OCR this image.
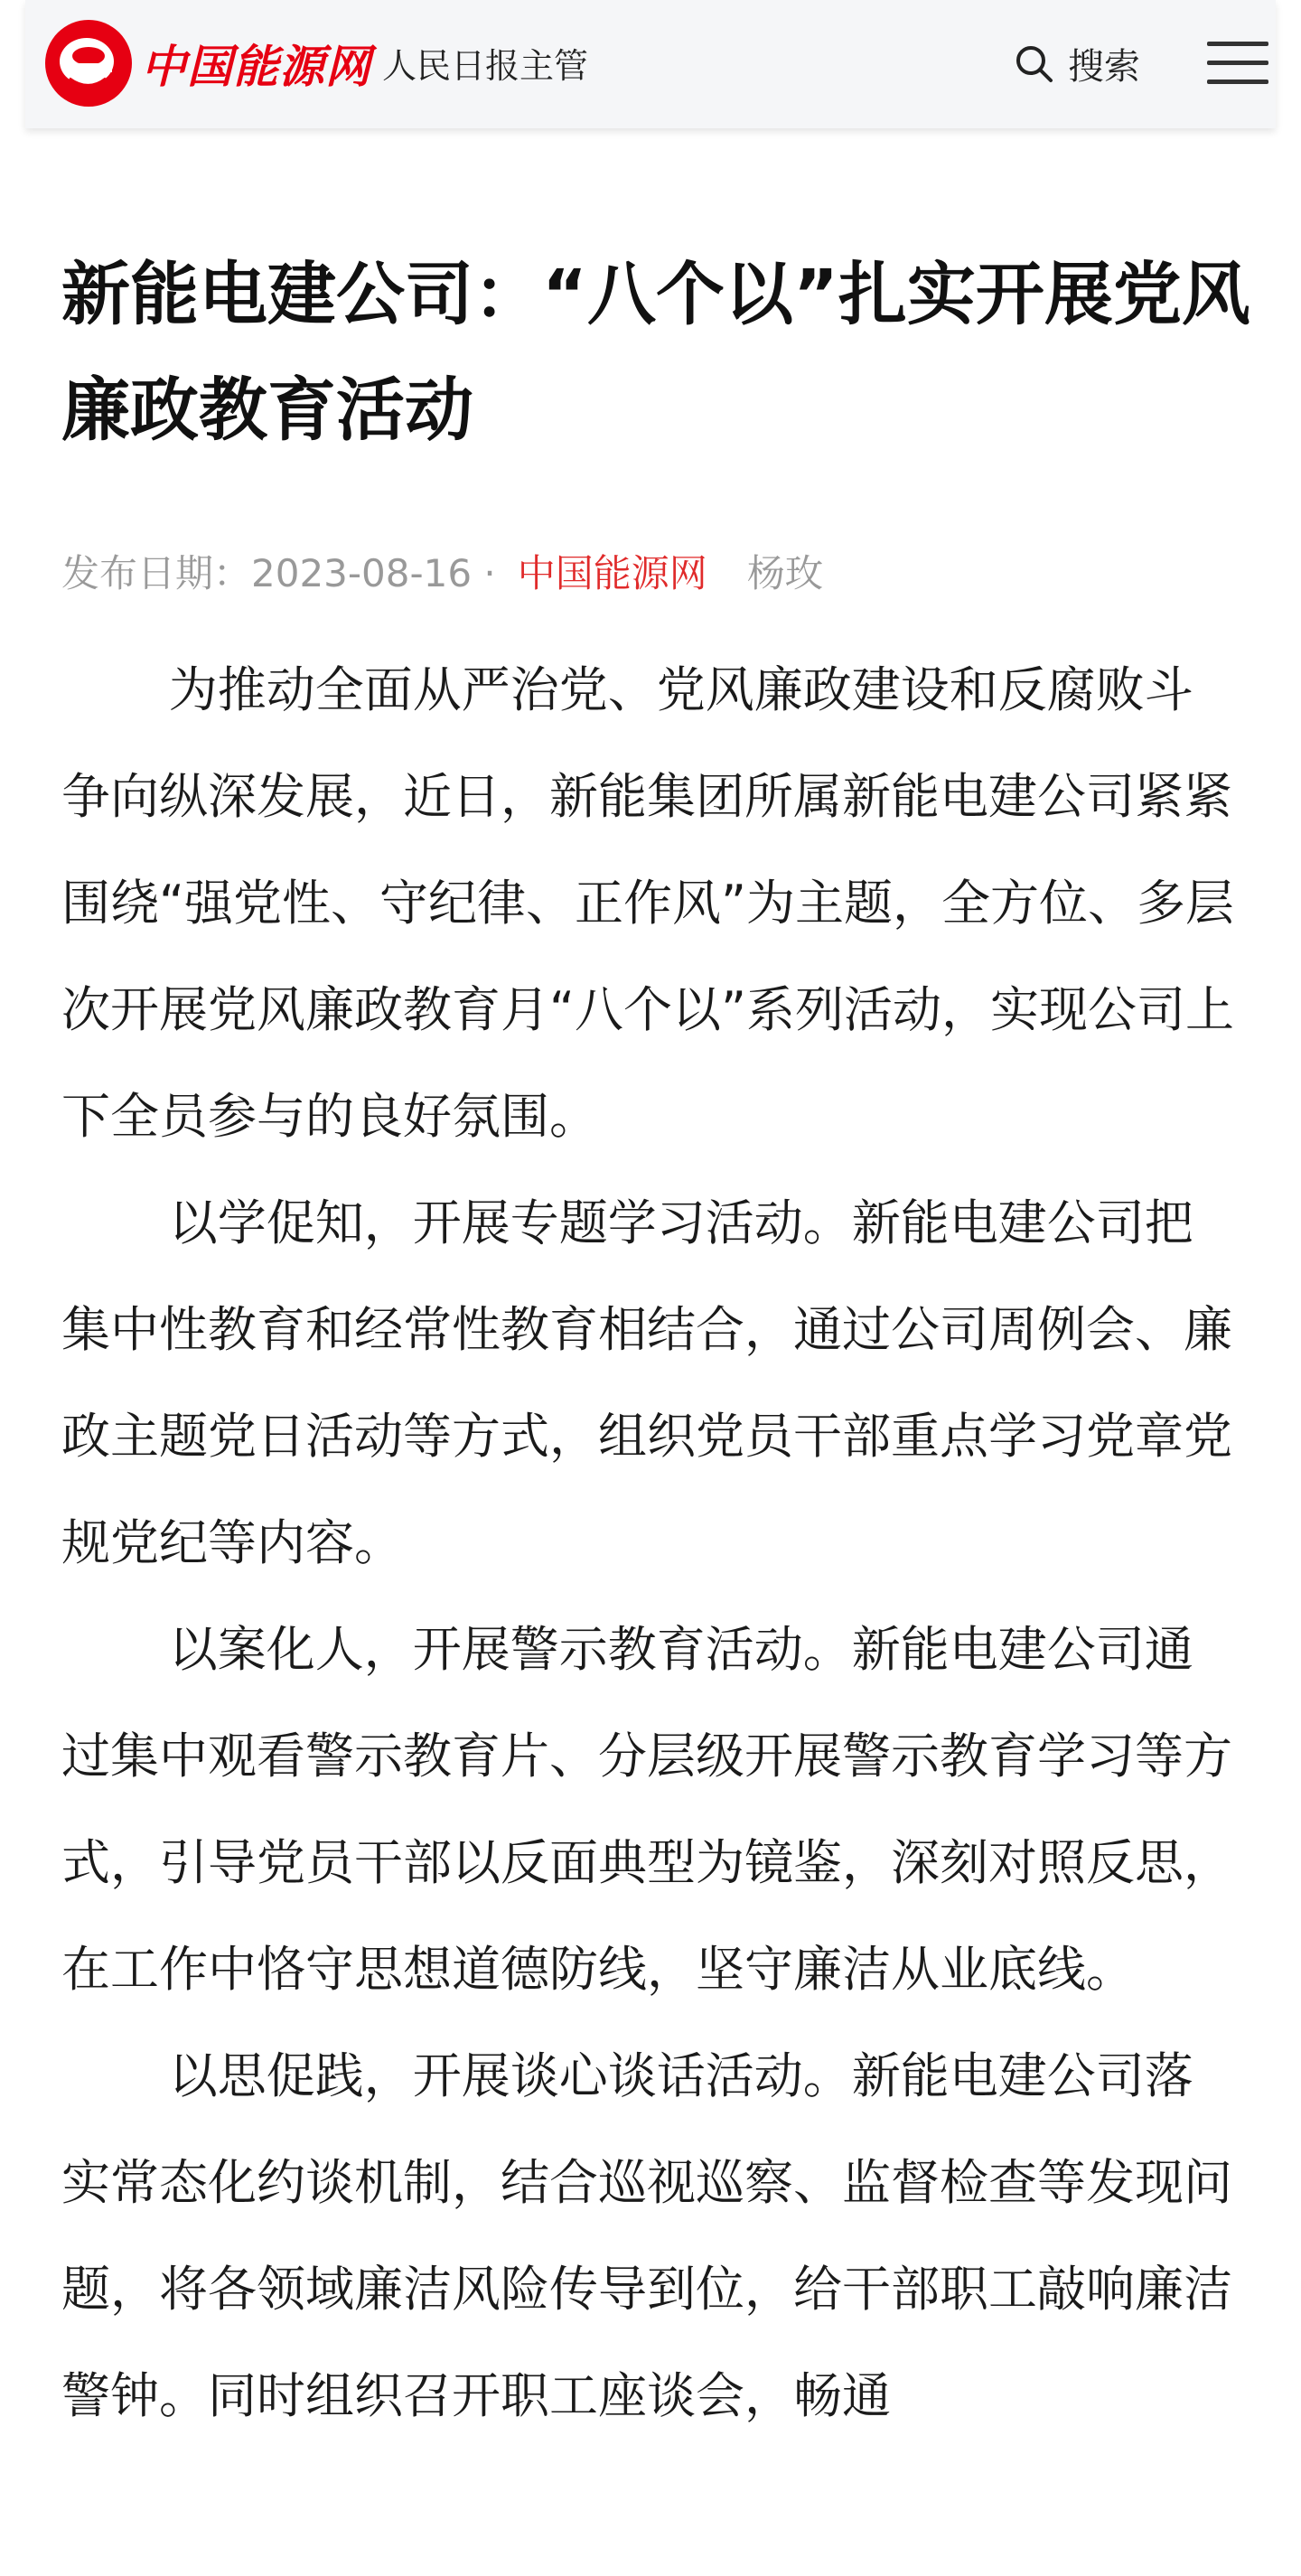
中国能源网 人民日报主管	搜索
新能电建公司：“八个以”扎实开展党风廉政教育活动
发布日期：2023-08-16 · 中国能源网 杨玫

为推动全面从严治党、党风廉政建设和反腐败斗争向纵深发展，近日，新能集团所属新能电建公司紧紧围绕“强党性、守纪律、正作风”为主题，全方位、多层次开展党风廉政教育月“八个以”系列活动，实现公司上下全员参与的良好氛围。

以学促知，开展专题学习活动。新能电建公司把集中性教育和经常性教育相结合，通过公司周例会、廉政主题党日活动等方式，组织党员干部重点学习党章党规党纪等内容。

以案化人，开展警示教育活动。新能电建公司通过集中观看警示教育片、分层级开展警示教育学习等方式，引导党员干部以反面典型为镜鉴，深刻对照反思，在工作中恪守思想道德防线，坚守廉洁从业底线。

以思促践，开展谈心谈话活动。新能电建公司落实常态化约谈机制，结合巡视巡察、监督检查等发现问题，将各领域廉洁风险传导到位，给干部职工敲响廉洁警钟。同时组织召开职工座谈会，畅通
